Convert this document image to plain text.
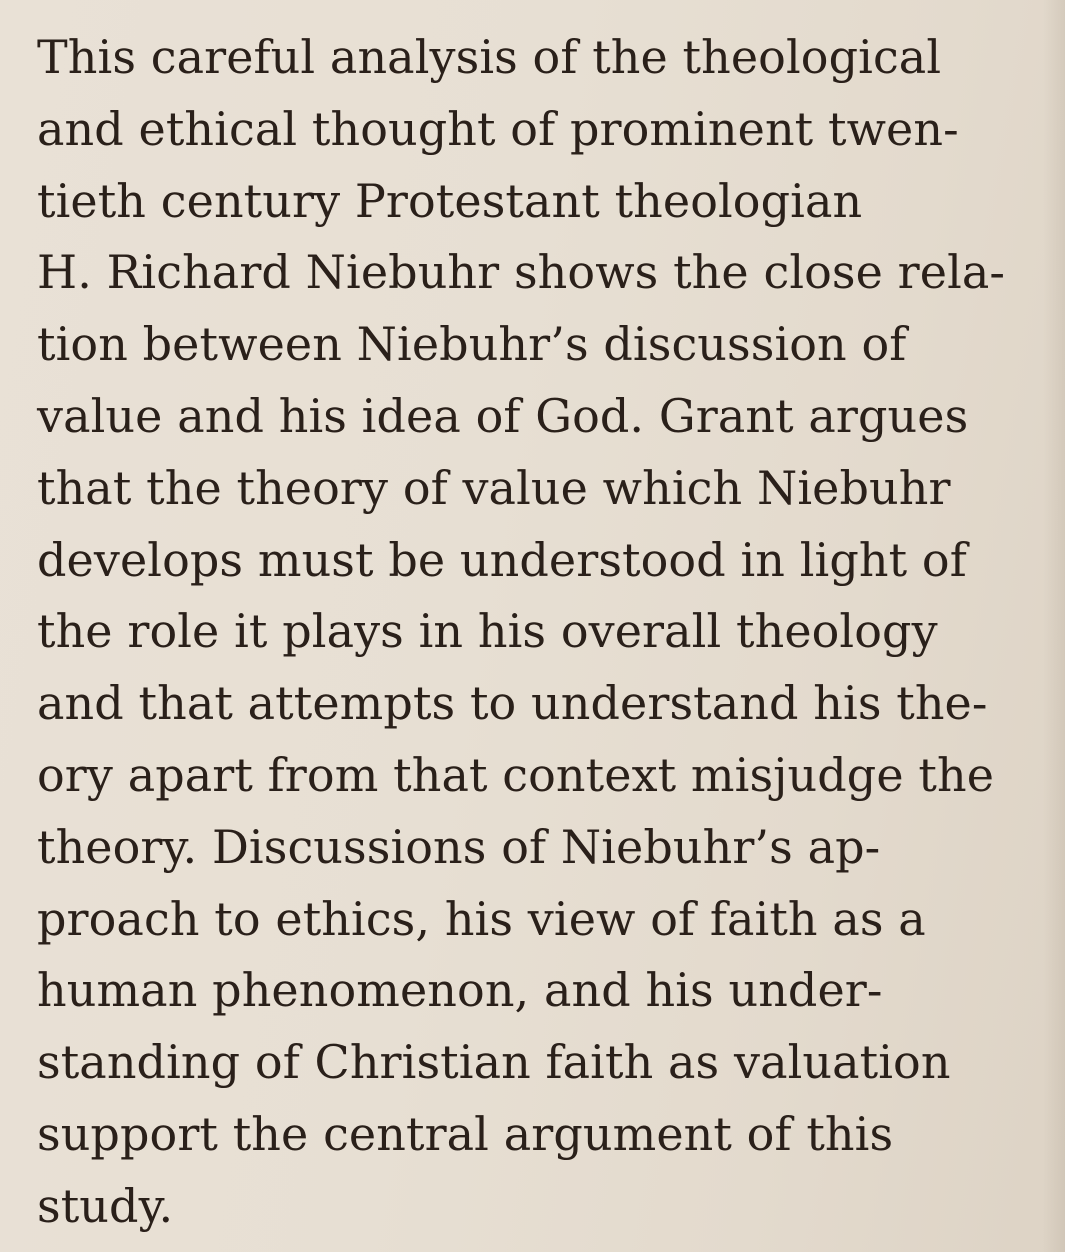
This careful analysis of the theological

and ethical thought of prominent twen-

tieth century Protestant theologian

H. Richard Niebuhr shows the close rela-

tion between Niebuhr’s discussion of

value and his idea of God. Grant argues

that the theory of value which Niebuhr

develops must be understood in light of

the role it plays in his overall theology

and that attempts to understand his the-

ory apart from that context misjudge the

theory. Discussions of Niebuhr’s ap-

proach to ethics, his view of faith as a

human phenomenon, and his under-

standing of Christian faith as valuation

support the central argument of this

study.
